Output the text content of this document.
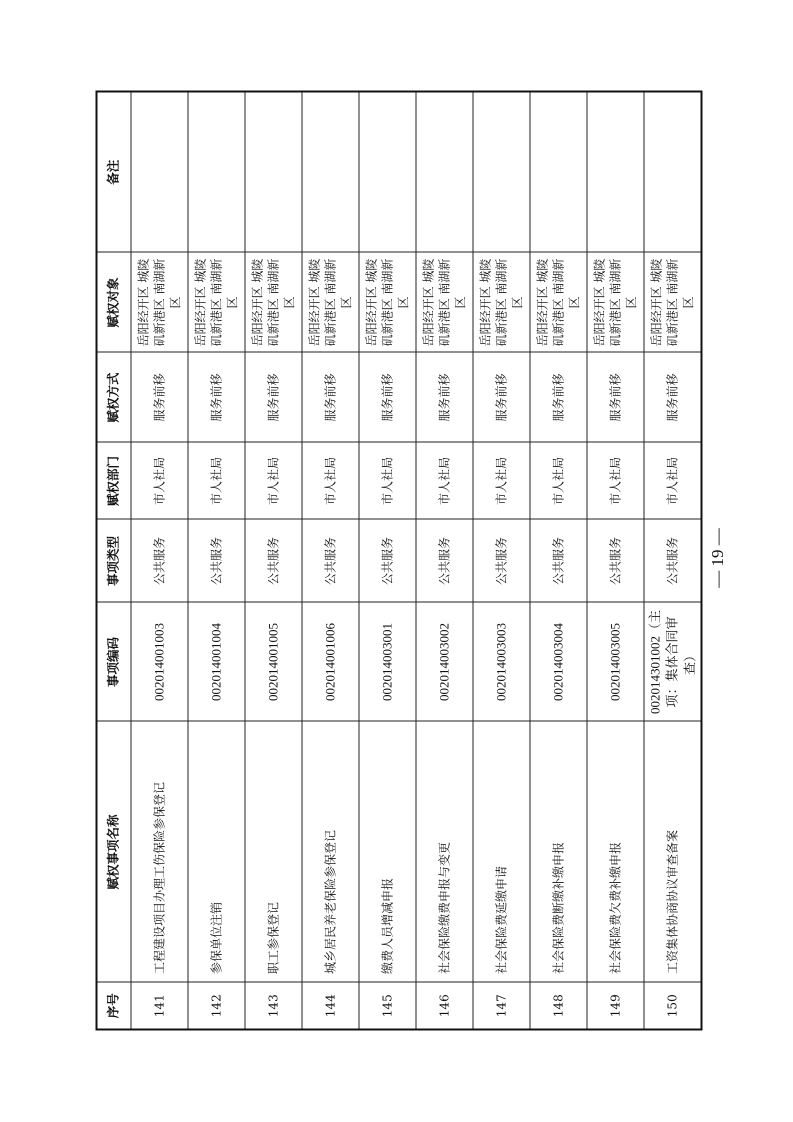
序号	赋权事项名称	事项编码	事项类型	赋权部门	赋权方式	赋权对象	备注
141	工程建设项目办理工伤保险参保登记	002014001003	公共服务	市人社局	服务前移	岳阳经开区 城陵矶新港区 南湖新区	
142	参保单位注销	002014001004	公共服务	市人社局	服务前移	岳阳经开区 城陵矶新港区 南湖新区	
143	职工参保登记	002014001005	公共服务	市人社局	服务前移	岳阳经开区 城陵矶新港区 南湖新区	
144	城乡居民养老保险参保登记	002014001006	公共服务	市人社局	服务前移	岳阳经开区 城陵矶新港区 南湖新区	
145	缴费人员增减申报	002014003001	公共服务	市人社局	服务前移	岳阳经开区 城陵矶新港区 南湖新区	
146	社会保险缴费申报与变更	002014003002	公共服务	市人社局	服务前移	岳阳经开区 城陵矶新港区 南湖新区	
147	社会保险费延缴申请	002014003003	公共服务	市人社局	服务前移	岳阳经开区 城陵矶新港区 南湖新区	
148	社会保险费断缴补缴申报	002014003004	公共服务	市人社局	服务前移	岳阳经开区 城陵矶新港区 南湖新区	
149	社会保险费欠费补缴申报	002014003005	公共服务	市人社局	服务前移	岳阳经开区 城陵矶新港区 南湖新区	
150	工资集体协商协议审查备案	002014301002（主项：集体合同审查）	公共服务	市人社局	服务前移	岳阳经开区 城陵矶新港区 南湖新区	
— 19 —
